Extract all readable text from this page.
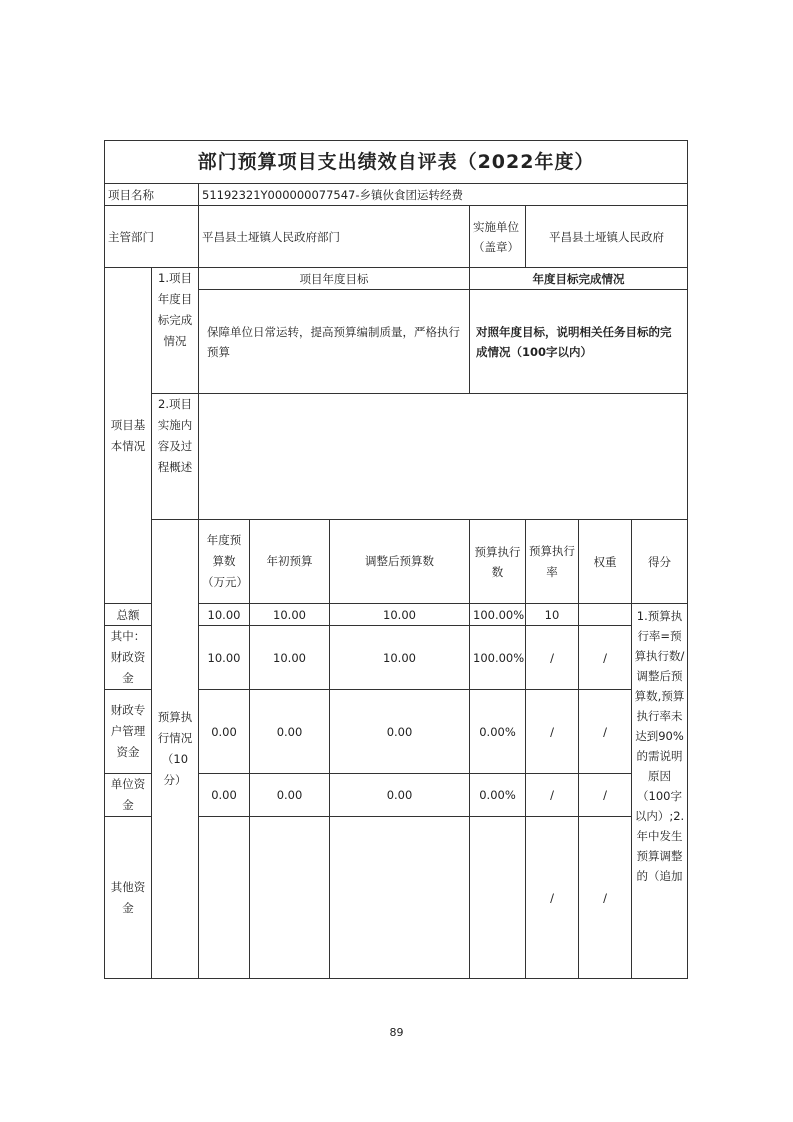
部门预算项目支出绩效自评表（2022年度）									
项目名称		51192321Y000000077547-乡镇伙食团运转经费							
主管部门		平昌县土垭镇人民政府部门			实施单位（盖章）	平昌县土垭镇人民政府			
项目基本情况	1.项目年度目标完成情况	项目年度目标			年度目标完成情况				
		保障单位日常运转，提高预算编制质量，严格执行预算			对照年度目标，说明相关任务目标的完成情况（100字以内）				
	2.项目实施内容及过程概述								
	预算执行情况（10分）	年度预算数（万元）	年初预算	调整后预算数	预算执行数	预算执行率	权重	得分	
总额		10.00	10.00	10.00	100.00%	10		1.预算执行率=预算执行数/调整后预算数,预算执行率未达到90%的需说明原因（100字以内）;2.年中发生预算调整的（追加	
其中：财政资金		10.00	10.00	10.00	100.00%	/	/		
财政专户管理资金		0.00	0.00	0.00	0.00%	/	/		
单位资金		0.00	0.00	0.00	0.00%	/	/		
其他资金						/	/		
89
